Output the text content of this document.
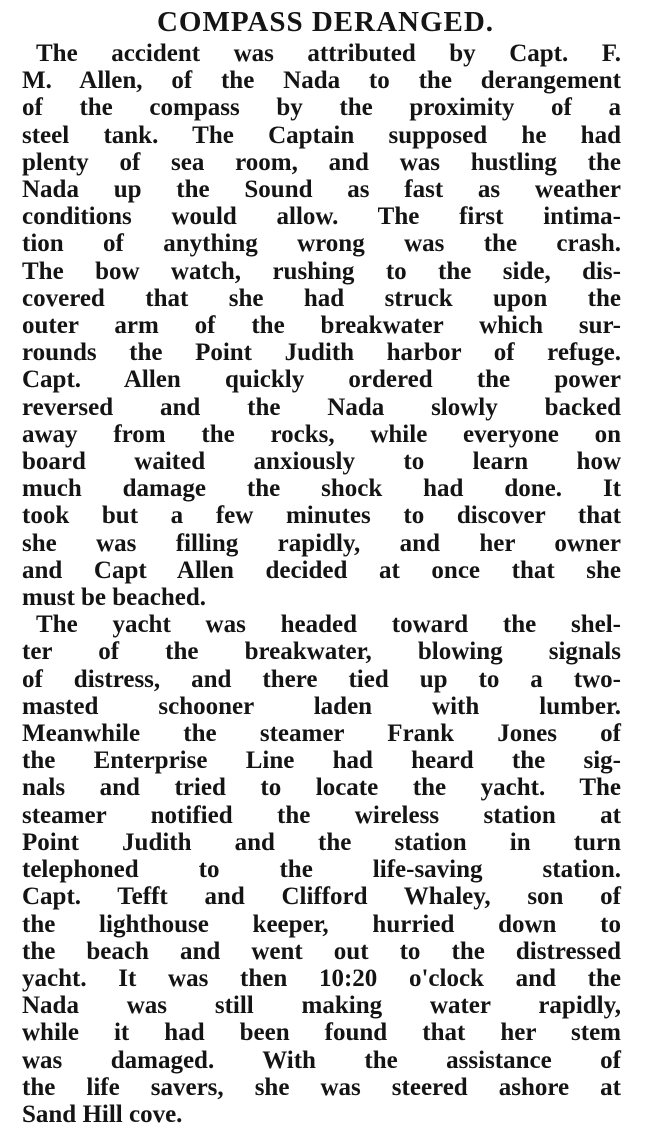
COMPASS DERANGED.
The accident was attributed by Capt. F.
M. Allen, of the Nada to the derangement
of the compass by the proximity of a
steel tank. The Captain supposed he had
plenty of sea room, and was hustling the
Nada up the Sound as fast as weather
conditions would allow. The first intima-
tion of anything wrong was the crash.
The bow watch, rushing to the side, dis-
covered that she had struck upon the
outer arm of the breakwater which sur-
rounds the Point Judith harbor of refuge.
Capt. Allen quickly ordered the power
reversed and the Nada slowly backed
away from the rocks, while everyone on
board waited anxiously to learn how
much damage the shock had done. It
took but a few minutes to discover that
she was filling rapidly, and her owner
and Capt Allen decided at once that she
must be beached.
The yacht was headed toward the shel-
ter of the breakwater, blowing signals
of distress, and there tied up to a two-
masted schooner laden with lumber.
Meanwhile the steamer Frank Jones of
the Enterprise Line had heard the sig-
nals and tried to locate the yacht. The
steamer notified the wireless station at
Point Judith and the station in turn
telephoned to the life-saving station.
Capt. Tefft and Clifford Whaley, son of
the lighthouse keeper, hurried down to
the beach and went out to the distressed
yacht. It was then 10:20 o'clock and the
Nada was still making water rapidly,
while it had been found that her stem
was damaged. With the assistance of
the life savers, she was steered ashore at
Sand Hill cove.
